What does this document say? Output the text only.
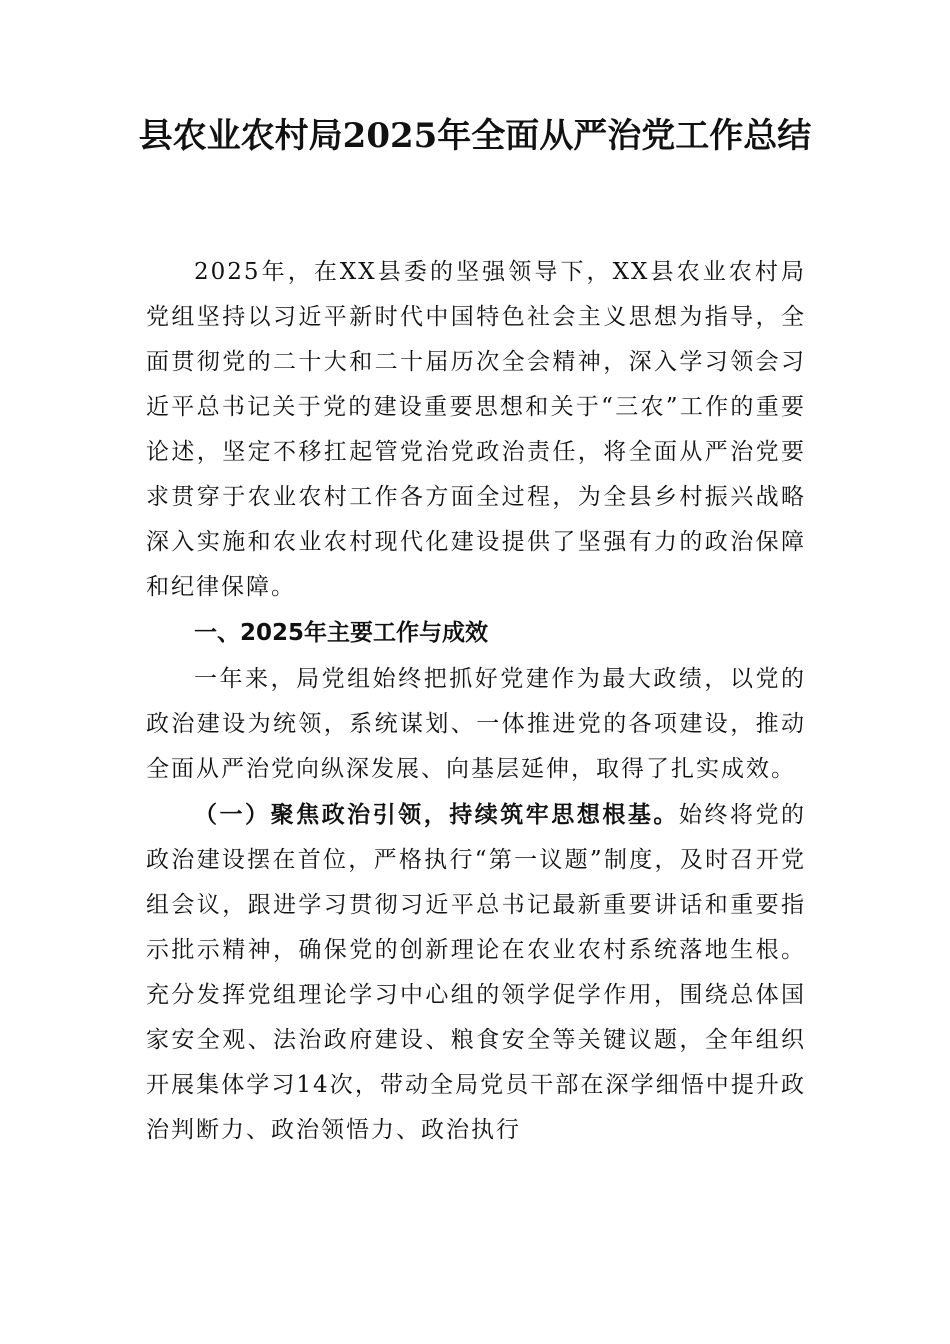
县农业农村局2025年全面从严治党工作总结

2025年，在XX县委的坚强领导下，XX县农业农村局党组坚持以习近平新时代中国特色社会主义思想为指导，全面贯彻党的二十大和二十届历次全会精神，深入学习领会习近平总书记关于党的建设重要思想和关于“三农”工作的重要论述，坚定不移扛起管党治党政治责任，将全面从严治党要求贯穿于农业农村工作各方面全过程，为全县乡村振兴战略深入实施和农业农村现代化建设提供了坚强有力的政治保障和纪律保障。

一、2025年主要工作与成效

一年来，局党组始终把抓好党建作为最大政绩，以党的政治建设为统领，系统谋划、一体推进党的各项建设，推动全面从严治党向纵深发展、向基层延伸，取得了扎实成效。

（一）聚焦政治引领，持续筑牢思想根基。始终将党的政治建设摆在首位，严格执行“第一议题”制度，及时召开党组会议，跟进学习贯彻习近平总书记最新重要讲话和重要指示批示精神，确保党的创新理论在农业农村系统落地生根。充分发挥党组理论学习中心组的领学促学作用，围绕总体国家安全观、法治政府建设、粮食安全等关键议题，全年组织开展集体学习14次，带动全局党员干部在深学细悟中提升政治判断力、政治领悟力、政治执行
